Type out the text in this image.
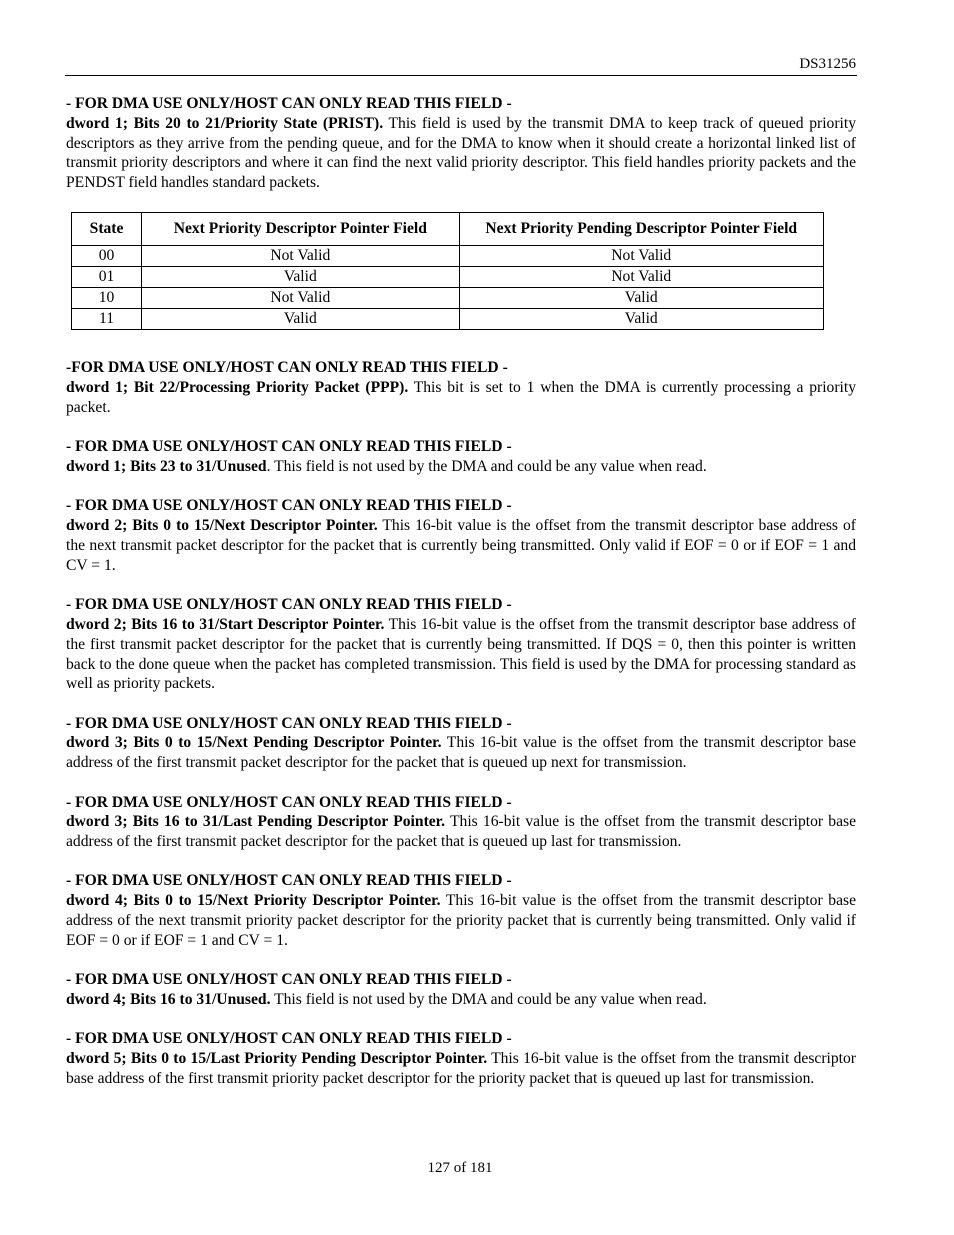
DS31256

- FOR DMA USE ONLY/HOST CAN ONLY READ THIS FIELD -

dword 1; Bits 20 to 21/Priority State (PRIST). This field is used by the transmit DMA to keep track of queued priority descriptors as they arrive from the pending queue, and for the DMA to know when it should create a horizontal linked list of transmit priority descriptors and where it can find the next valid priority descriptor. This field handles priority packets and the PENDST field handles standard packets.

State	Next Priority Descriptor Pointer Field	Next Priority Pending Descriptor Pointer Field
00	Not Valid	Not Valid
01	Valid	Not Valid
10	Not Valid	Valid
11	Valid	Valid

-FOR DMA USE ONLY/HOST CAN ONLY READ THIS FIELD -

dword 1; Bit 22/Processing Priority Packet (PPP). This bit is set to 1 when the DMA is currently processing a priority packet.

- FOR DMA USE ONLY/HOST CAN ONLY READ THIS FIELD -

dword 1; Bits 23 to 31/Unused. This field is not used by the DMA and could be any value when read.

- FOR DMA USE ONLY/HOST CAN ONLY READ THIS FIELD -

dword 2; Bits 0 to 15/Next Descriptor Pointer. This 16-bit value is the offset from the transmit descriptor base address of the next transmit packet descriptor for the packet that is currently being transmitted. Only valid if EOF = 0 or if EOF = 1 and CV = 1.

- FOR DMA USE ONLY/HOST CAN ONLY READ THIS FIELD -

dword 2; Bits 16 to 31/Start Descriptor Pointer. This 16-bit value is the offset from the transmit descriptor base address of the first transmit packet descriptor for the packet that is currently being transmitted. If DQS = 0, then this pointer is written back to the done queue when the packet has completed transmission. This field is used by the DMA for processing standard as well as priority packets.

- FOR DMA USE ONLY/HOST CAN ONLY READ THIS FIELD -

dword 3; Bits 0 to 15/Next Pending Descriptor Pointer. This 16-bit value is the offset from the transmit descriptor base address of the first transmit packet descriptor for the packet that is queued up next for transmission.

- FOR DMA USE ONLY/HOST CAN ONLY READ THIS FIELD -

dword 3; Bits 16 to 31/Last Pending Descriptor Pointer. This 16-bit value is the offset from the transmit descriptor base address of the first transmit packet descriptor for the packet that is queued up last for transmission.

- FOR DMA USE ONLY/HOST CAN ONLY READ THIS FIELD -

dword 4; Bits 0 to 15/Next Priority Descriptor Pointer. This 16-bit value is the offset from the transmit descriptor base address of the next transmit priority packet descriptor for the priority packet that is currently being transmitted. Only valid if EOF = 0 or if EOF = 1 and CV = 1.

- FOR DMA USE ONLY/HOST CAN ONLY READ THIS FIELD -

dword 4; Bits 16 to 31/Unused. This field is not used by the DMA and could be any value when read.

- FOR DMA USE ONLY/HOST CAN ONLY READ THIS FIELD -

dword 5; Bits 0 to 15/Last Priority Pending Descriptor Pointer. This 16-bit value is the offset from the transmit descriptor base address of the first transmit priority packet descriptor for the priority packet that is queued up last for transmission.

127 of 181
